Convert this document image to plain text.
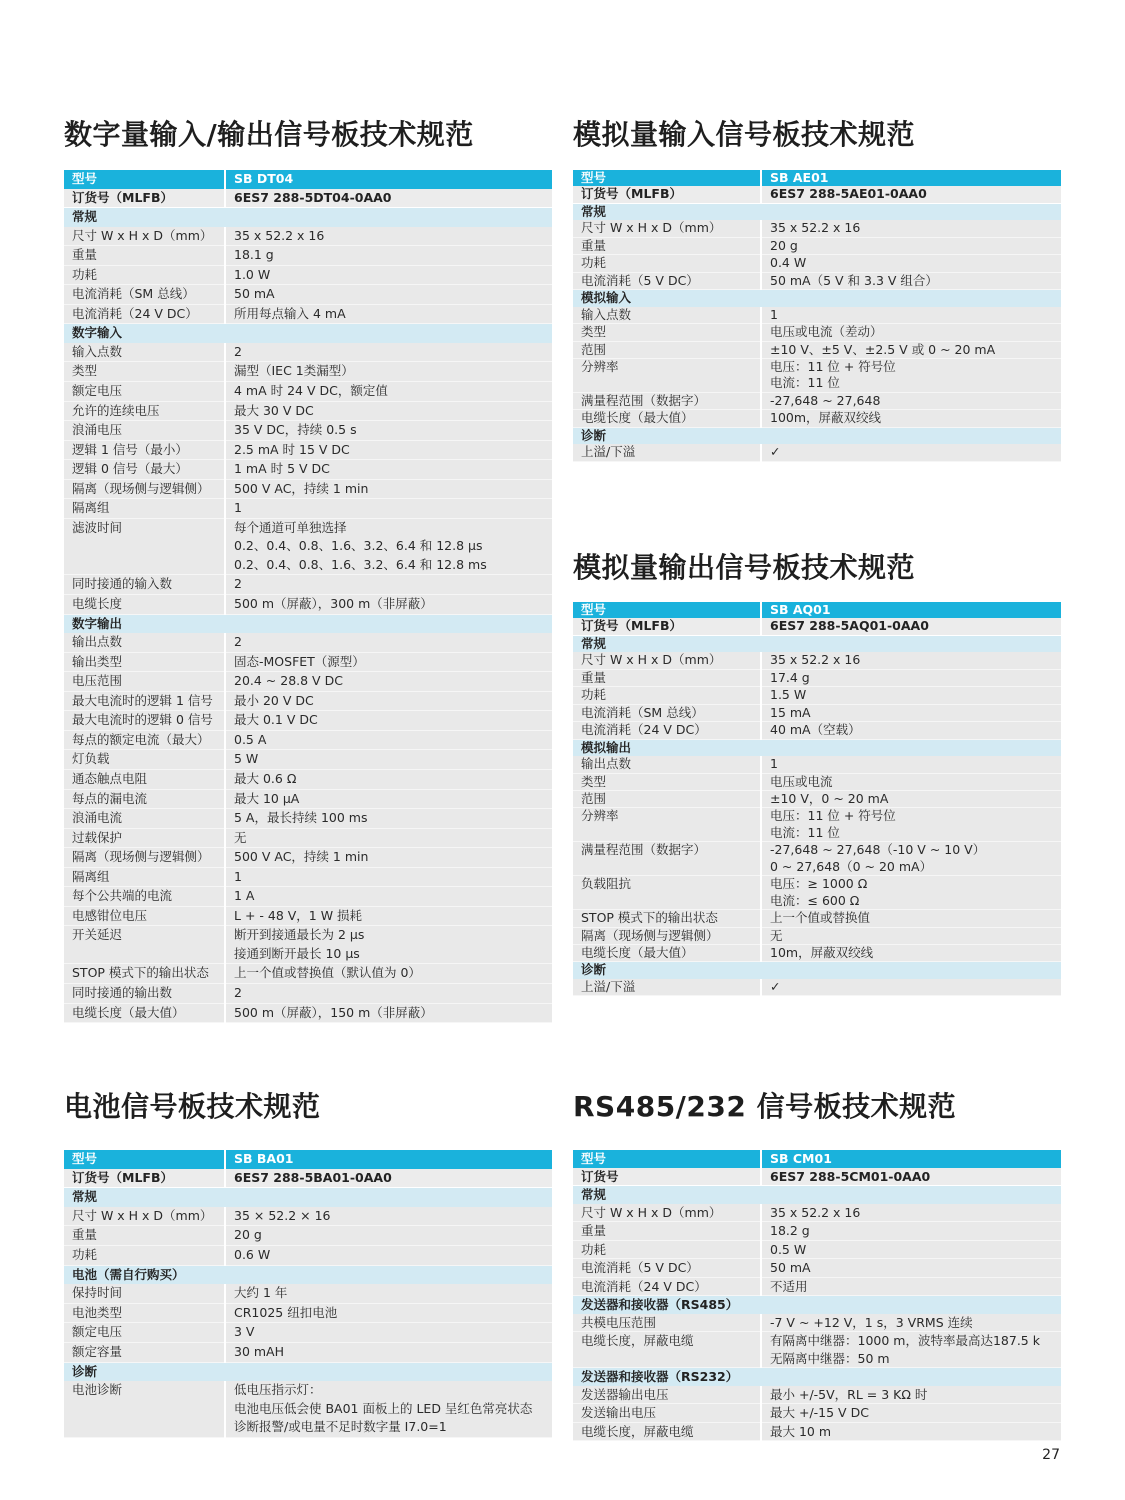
数字量输入/输出信号板技术规范	模拟量输入信号板技术规范
模拟量输出信号板技术规范
电池信号板技术规范	RS485/232 信号板技术规范
型号	SB DT04
订货号（MLFB）	6ES7 288-5DT04-0AA0

常规	
尺寸 W x H x D（mm）	35 x 52.2 x 16

重量	18.1 g

功耗	1.0 W

电流消耗（SM 总线）	50 mA

电流消耗（24 V DC）	所用每点输入 4 mA

数字输入	
输入点数	2

类型	漏型（IEC 1类漏型）

额定电压	4 mA 时 24 V DC，额定值

允许的连续电压	最大 30 V DC

浪涌电压	35 V DC，持续 0.5 s

逻辑 1 信号（最小）	2.5 mA 时 15 V DC

逻辑 0 信号（最大）	1 mA 时 5 V DC

隔离（现场侧与逻辑侧）	500 V AC，持续 1 min

隔离组	1

滤波时间	每个通道可单独选择
0.2、0.4、0.8、1.6、3.2、6.4 和 12.8 μs
0.2、0.4、0.8、1.6、3.2、6.4 和 12.8 ms

同时接通的输入数	2

电缆长度	500 m（屏蔽），300 m（非屏蔽）

数字输出	
输出点数	2

输出类型	固态-MOSFET（源型）

电压范围	20.4 ~ 28.8 V DC

最大电流时的逻辑 1 信号	最小 20 V DC

最大电流时的逻辑 0 信号	最大 0.1 V DC

每点的额定电流（最大）	0.5 A

灯负载	5 W

通态触点电阻	最大 0.6 Ω

每点的漏电流	最大 10 μA

浪涌电流	5 A，最长持续 100 ms

过载保护	无

隔离（现场侧与逻辑侧）	500 V AC，持续 1 min

隔离组	1

每个公共端的电流	1 A

电感钳位电压	L + - 48 V，1 W 损耗

开关延迟	断开到接通最长为 2 μs
接通到断开最长 10 μs

STOP 模式下的输出状态	上一个值或替换值（默认值为 0）

同时接通的输出数	2

电缆长度（最大值）	500 m（屏蔽），150 m（非屏蔽）
型号	SB AE01
订货号（MLFB）	6ES7 288-5AE01-0AA0

常规	
尺寸 W x H x D（mm）	35 x 52.2 x 16

重量	20 g

功耗	0.4 W

电流消耗（5 V DC）	50 mA（5 V 和 3.3 V 组合）

模拟输入	
输入点数	1

类型	电压或电流（差动）

范围	±10 V、±5 V、±2.5 V 或 0 ~ 20 mA

分辨率	电压：11 位 + 符号位
电流：11 位

满量程范围（数据字）	-27,648 ~ 27,648

电缆长度（最大值）	100m，屏蔽双绞线

诊断	
上溢/下溢	✓
型号	SB AQ01
订货号（MLFB）	6ES7 288-5AQ01-0AA0

常规	
尺寸 W x H x D（mm）	35 x 52.2 x 16

重量	17.4 g

功耗	1.5 W

电流消耗（SM 总线）	15 mA

电流消耗（24 V DC）	40 mA（空载）

模拟输出	
输出点数	1

类型	电压或电流

范围	±10 V，0 ~ 20 mA

分辨率	电压：11 位 + 符号位
电流：11 位

满量程范围（数据字）	-27,648 ~ 27,648（-10 V ~ 10 V）
0 ~ 27,648（0 ~ 20 mA）

负载阻抗	电压：≥ 1000 Ω
电流：≤ 600 Ω

STOP 模式下的输出状态	上一个值或替换值

隔离（现场侧与逻辑侧）	无

电缆长度（最大值）	10m，屏蔽双绞线

诊断	
上溢/下溢	✓
型号	SB BA01
订货号（MLFB）	6ES7 288-5BA01-0AA0

常规	
尺寸 W x H x D（mm）	35 × 52.2 × 16

重量	20 g

功耗	0.6 W

电池（需自行购买）	
保持时间	大约 1 年

电池类型	CR1025 纽扣电池

额定电压	3 V

额定容量	30 mAH

诊断	
电池诊断	低电压指示灯：
电池电压低会使 BA01 面板上的 LED 呈红色常亮状态
诊断报警/或电量不足时数字量 I7.0=1
型号	SB CM01
订货号	6ES7 288-5CM01-0AA0

常规	
尺寸 W x H x D（mm）	35 x 52.2 x 16

重量	18.2 g

功耗	0.5 W

电流消耗（5 V DC）	50 mA

电流消耗（24 V DC）	不适用

发送器和接收器（RS485）	
共模电压范围	-7 V ~ +12 V，1 s，3 VRMS 连续

电缆长度，屏蔽电缆	有隔离中继器：1000 m，波特率最高达187.5 k
无隔离中继器：50 m

发送器和接收器（RS232）	
发送器输出电压	最小 +/-5V，RL = 3 KΩ 时

发送输出电压	最大 +/-15 V DC

电缆长度，屏蔽电缆	最大 10 m
27
